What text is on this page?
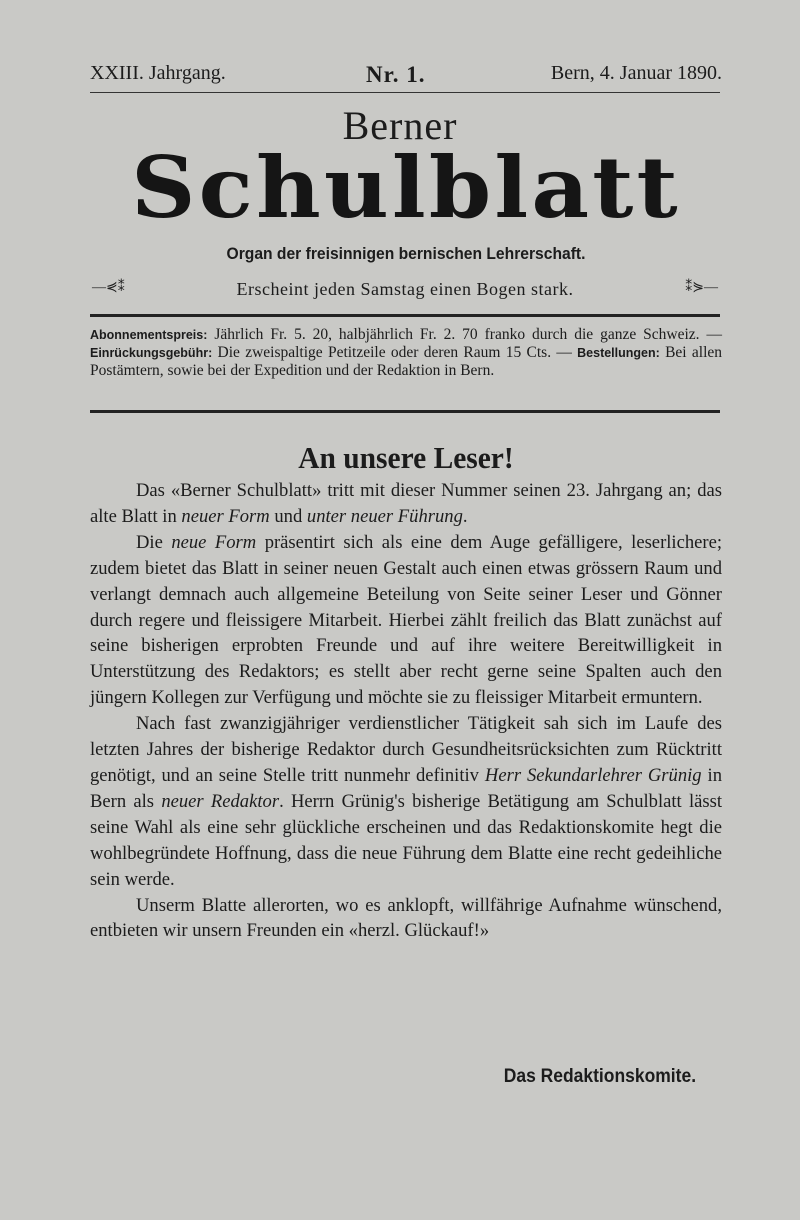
XXIII. Jahrgang.	Nr. 1.	Bern, 4. Januar 1890.
Berner
Schulblatt
Organ der freisinnigen bernischen Lehrerschaft.
—⋞⁑	Erscheint jeden Samstag einen Bogen stark.	⁑⋟—
Abonnementspreis: Jährlich Fr. 5. 20, halbjährlich Fr. 2. 70 franko durch die ganze Schweiz. — Einrückungsgebühr: Die zweispaltige Petitzeile oder deren Raum 15 Cts. — Bestellungen: Bei allen Postämtern, sowie bei der Expedition und der Redaktion in Bern.
An unsere Leser!

Das «Berner Schulblatt» tritt mit dieser Nummer seinen 23. Jahrgang an; das alte Blatt in neuer Form und unter neuer Führung.

Die neue Form präsentirt sich als eine dem Auge gefälligere, leserlichere; zudem bietet das Blatt in seiner neuen Gestalt auch einen etwas grössern Raum und verlangt demnach auch allgemeine Beteilung von Seite seiner Leser und Gönner durch regere und fleissigere Mitarbeit. Hierbei zählt freilich das Blatt zunächst auf seine bisherigen erprobten Freunde und auf ihre weitere Bereitwilligkeit in Unterstützung des Redaktors; es stellt aber recht gerne seine Spalten auch den jüngern Kollegen zur Verfügung und möchte sie zu fleissiger Mitarbeit ermuntern.

Nach fast zwanzigjähriger verdienstlicher Tätigkeit sah sich im Laufe des letzten Jahres der bisherige Redaktor durch Gesundheitsrücksichten zum Rücktritt genötigt, und an seine Stelle tritt nunmehr definitiv Herr Sekundarlehrer Grünig in Bern als neuer Redaktor. Herrn Grünig's bisherige Betätigung am Schulblatt lässt seine Wahl als eine sehr glückliche erscheinen und das Redaktionskomite hegt die wohlbegründete Hoffnung, dass die neue Führung dem Blatte eine recht gedeihliche sein werde.

Unserm Blatte allerorten, wo es anklopft, willfährige Aufnahme wünschend, entbieten wir unsern Freunden ein «herzl. Glückauf!»

Das Redaktionskomite.
